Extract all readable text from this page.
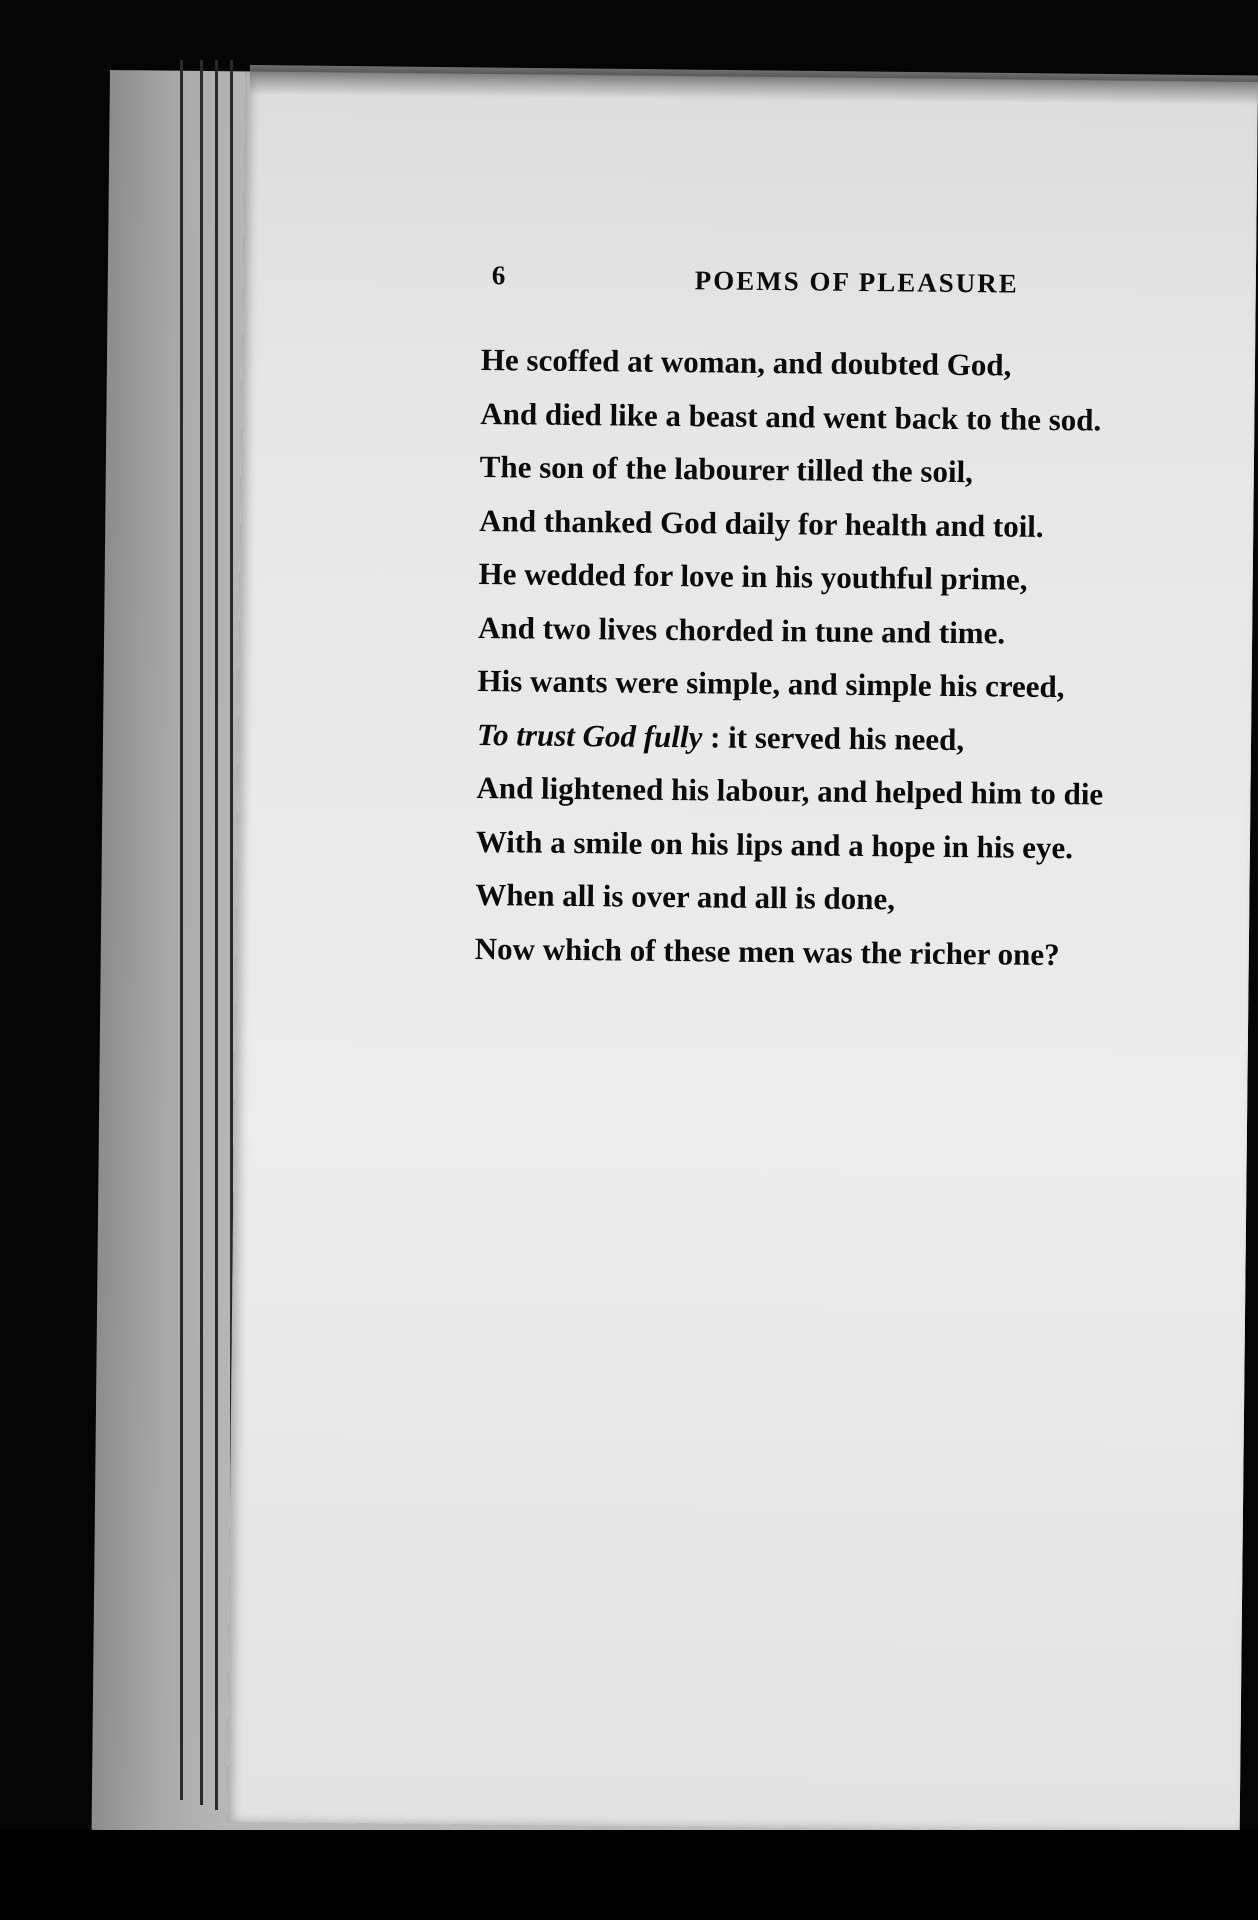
6	POEMS OF PLEASURE
He scoffed at woman, and doubted God,
And died like a beast and went back to the sod.
The son of the labourer tilled the soil,
And thanked God daily for health and toil.
He wedded for love in his youthful prime,
And two lives chorded in tune and time.
His wants were simple, and simple his creed,
To trust God fully : it served his need,
And lightened his labour, and helped him to die
With a smile on his lips and a hope in his eye.
When all is over and all is done,
Now which of these men was the richer one?
